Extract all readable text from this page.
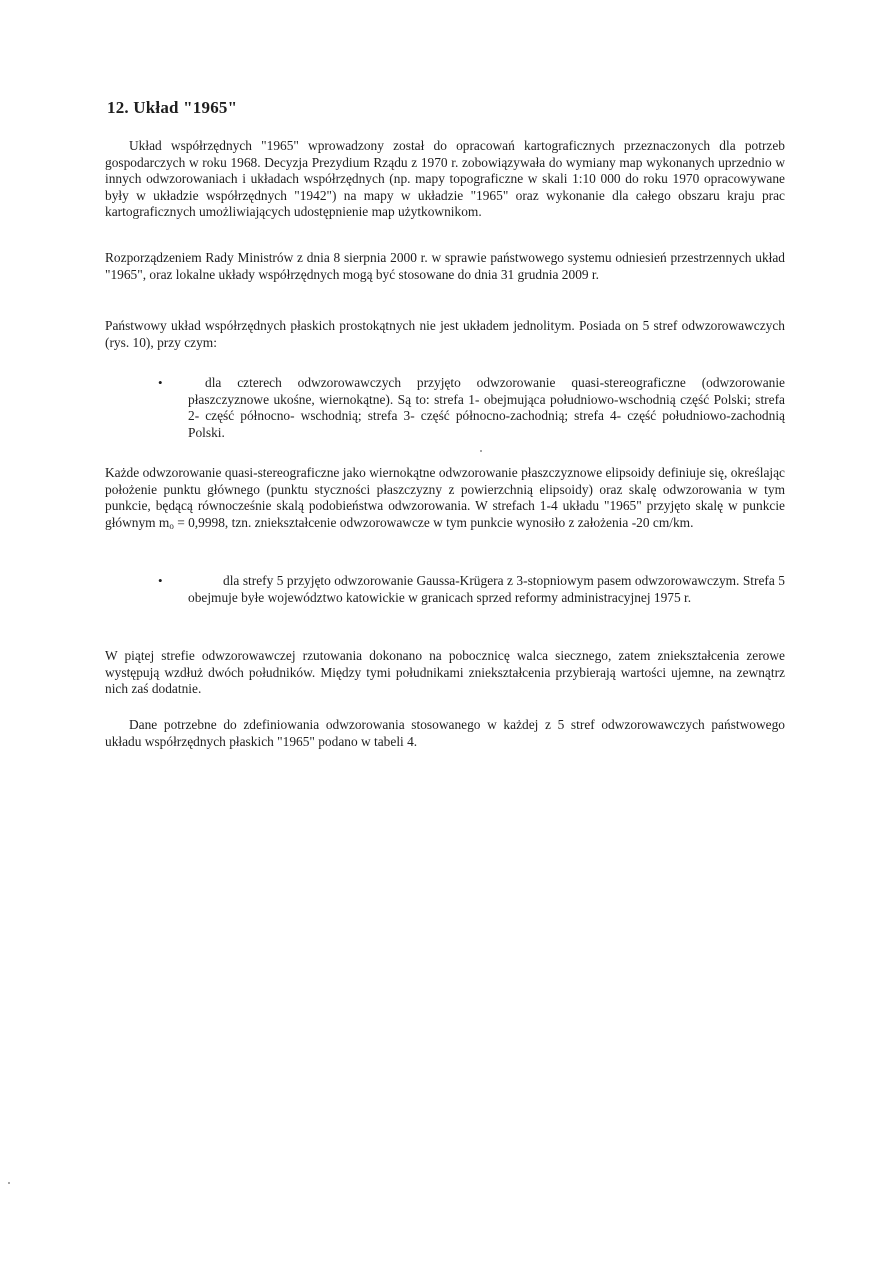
12. Układ "1965"

Układ współrzędnych "1965" wprowadzony został do opracowań kartograficznych przeznaczonych dla potrzeb gospodarczych w roku 1968. Decyzja Prezydium Rządu z 1970 r. zobowiązywała do wymiany map wykonanych uprzednio w innych odwzorowaniach i układach współrzędnych (np. mapy topograficzne w skali 1:10 000 do roku 1970 opracowywane były w układzie współrzędnych "1942") na mapy w układzie "1965" oraz wykonanie dla całego obszaru kraju prac kartograficznych umożliwiających udostępnienie map użytkownikom.

Rozporządzeniem Rady Ministrów z dnia 8 sierpnia 2000 r. w sprawie państwowego systemu odniesień przestrzennych układ "1965", oraz lokalne układy współrzędnych mogą być stosowane do dnia 31 grudnia 2009 r.

Państwowy układ współrzędnych płaskich prostokątnych nie jest układem jednolitym. Posiada on 5 stref odwzorowawczych (rys. 10), przy czym:

•	dla czterech odwzorowawczych przyjęto odwzorowanie quasi-stereograficzne (odwzorowanie płaszczyznowe ukośne, wiernokątne). Są to: strefa 1- obejmująca południowo-wschodnią część Polski; strefa 2- część północno- wschodnią; strefa 3- część północno-zachodnią; strefa 4- część południowo-zachodnią Polski.

Każde odwzorowanie quasi-stereograficzne jako wiernokątne odwzorowanie płaszczyznowe elipsoidy definiuje się, określając położenie punktu głównego (punktu styczności płaszczyzny z powierzchnią elipsoidy) oraz skalę odwzorowania w tym punkcie, będącą równocześnie skalą podobieństwa odwzorowania. W strefach 1-4 układu "1965" przyjęto skalę w punkcie głównym $m_o = 0,9998$, tzn. zniekształcenie odwzorowawcze w tym punkcie wynosiło z założenia -20 cm/km.

•	dla strefy 5 przyjęto odwzorowanie Gaussa-Krügera z 3-stopniowym pasem odwzorowawczym. Strefa 5 obejmuje byłe województwo katowickie w granicach sprzed reformy administracyjnej 1975 r.

W piątej strefie odwzorowawczej rzutowania dokonano na pobocznicę walca siecznego, zatem zniekształcenia zerowe występują wzdłuż dwóch południków. Między tymi południkami zniekształcenia przybierają wartości ujemne, na zewnątrz nich zaś dodatnie.

Dane potrzebne do zdefiniowania odwzorowania stosowanego w każdej z 5 stref odwzorowawczych państwowego układu współrzędnych płaskich "1965" podano w tabeli 4.
